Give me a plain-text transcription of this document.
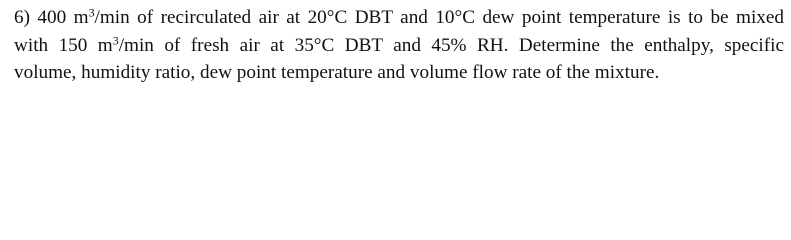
6) 400 $m^3/\min$ of recirculated air at 20°C DBT and 10°C dew point temperature is to be mixed
with 150 $m^3/\min$ of fresh air at 35°C DBT and 45% RH. Determine the enthalpy, specific
volume, humidity ratio, dew point temperature and volume flow rate of the mixture.
